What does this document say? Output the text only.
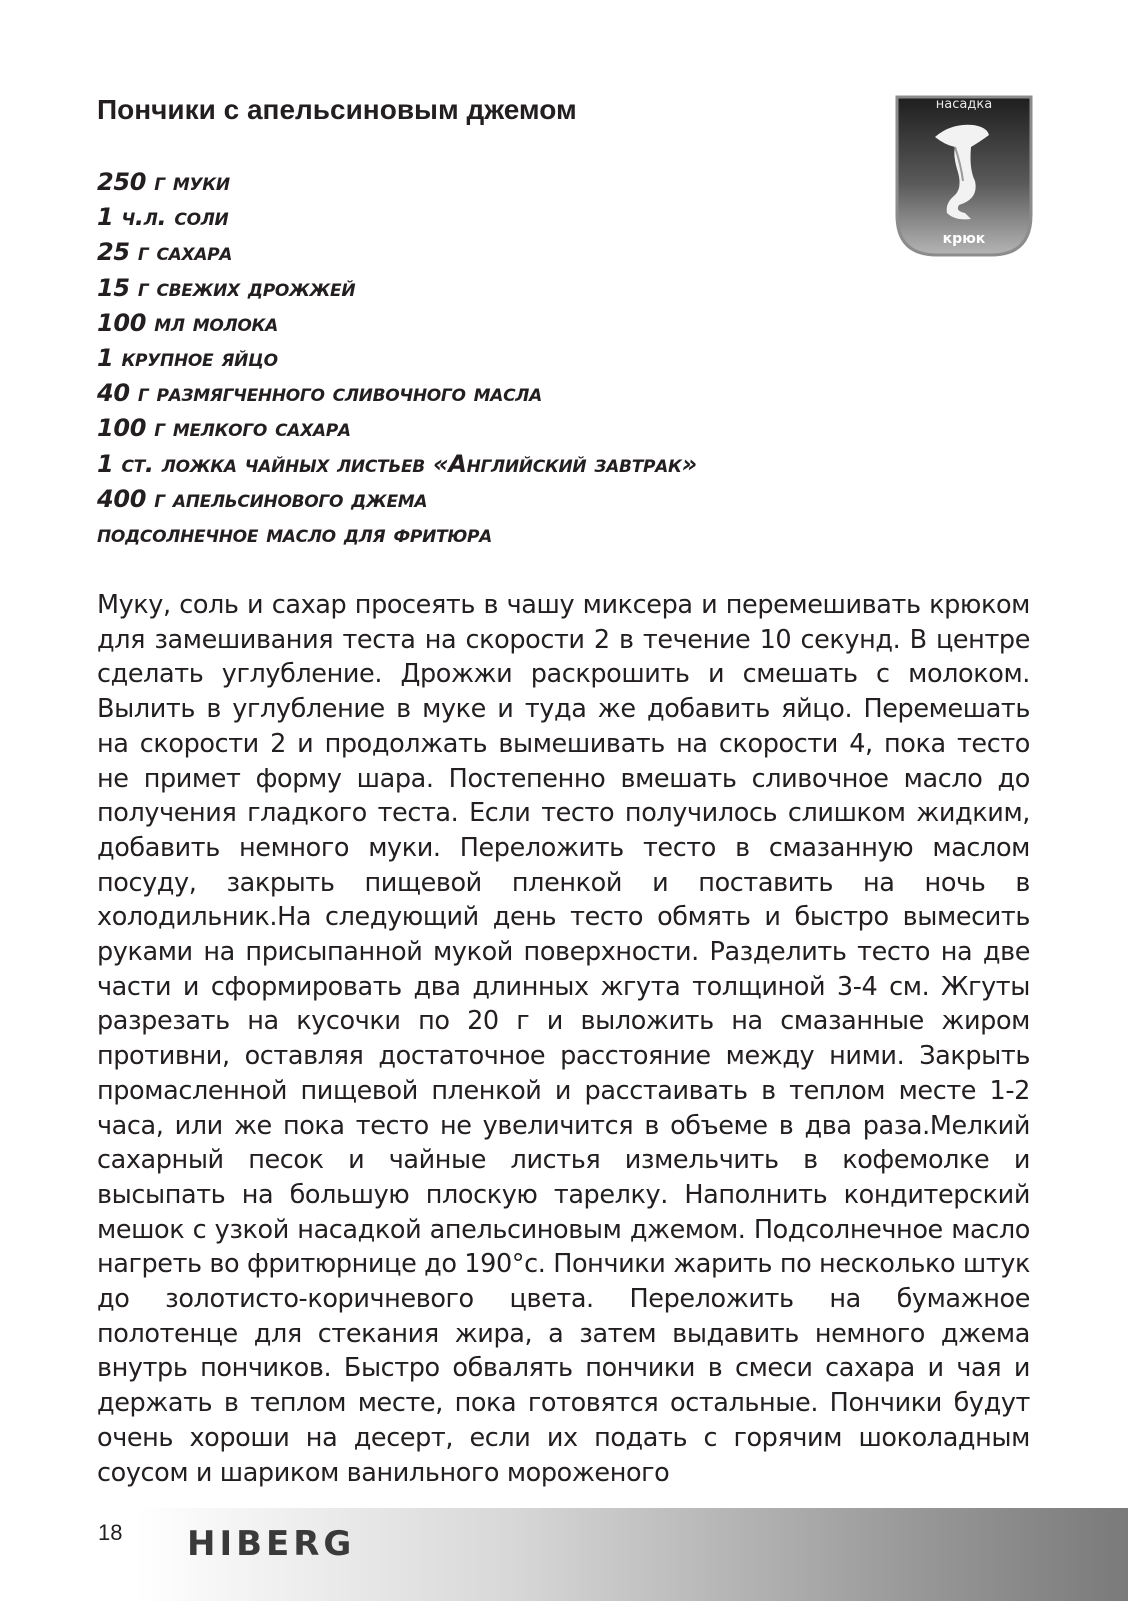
Пончики с апельсиновым джемом	насадка
крюк
250 г муки
1 ч.л. соли
25 г сахара
15 г свежих дрожжей
100 мл молока
1 крупное яйцо
40 г размягченного сливочного масла
100 г мелкого сахара
1 ст. ложка чайных листьев «Английский завтрак»
400 г апельсинового джема
подсолнечное масло для фритюра

Муку, соль и сахар просеять в чашу миксера и перемешивать крюком для замешивания теста на скорости 2 в течение 10 секунд. В центре сделать углубление. Дрожжи раскрошить и смешать с молоком. Вылить в углубление в муке и туда же добавить яйцо. Перемешать на скорости 2 и продолжать вымешивать на скорости 4, пока тесто не примет форму шара. Постепенно вмешать сливочное масло до получения гладкого теста. Если тесто получилось слишком жидким, добавить немного муки. Переложить тесто в смазанную маслом посуду, закрыть пищевой пленкой и поставить на ночь в холодильник.На следующий день тесто обмять и быстро вымесить руками на присыпанной мукой поверхности. Разделить тесто на две части и сформировать два длинных жгута толщиной 3-4 см. Жгуты разрезать на кусочки по 20 г и выложить на смазанные жиром противни, оставляя достаточное расстояние между ними. Закрыть промасленной пищевой пленкой и расстаивать в теплом месте 1-2 часа, или же пока тесто не увеличится в объеме в два раза.Мелкий сахарный песок и чайные листья измельчить в кофемолке и высыпать на большую плоскую тарелку. Наполнить кондитерский мешок с узкой насадкой апельсиновым джемом. Подсолнечное масло нагреть во фритюрнице до 190°с. Пончики жарить по несколько штук до золотисто-коричневого цвета. Переложить на бумажное полотенце для стекания жира, а затем выдавить немного джема внутрь пончиков. Быстро обвалять пончики в смеси сахара и чая и держать в теплом месте, пока готовятся остальные. Пончики будут очень хороши на десерт, если их подать с горячим шоколадным соусом и шариком ванильного мороженого

18 HIBERG
